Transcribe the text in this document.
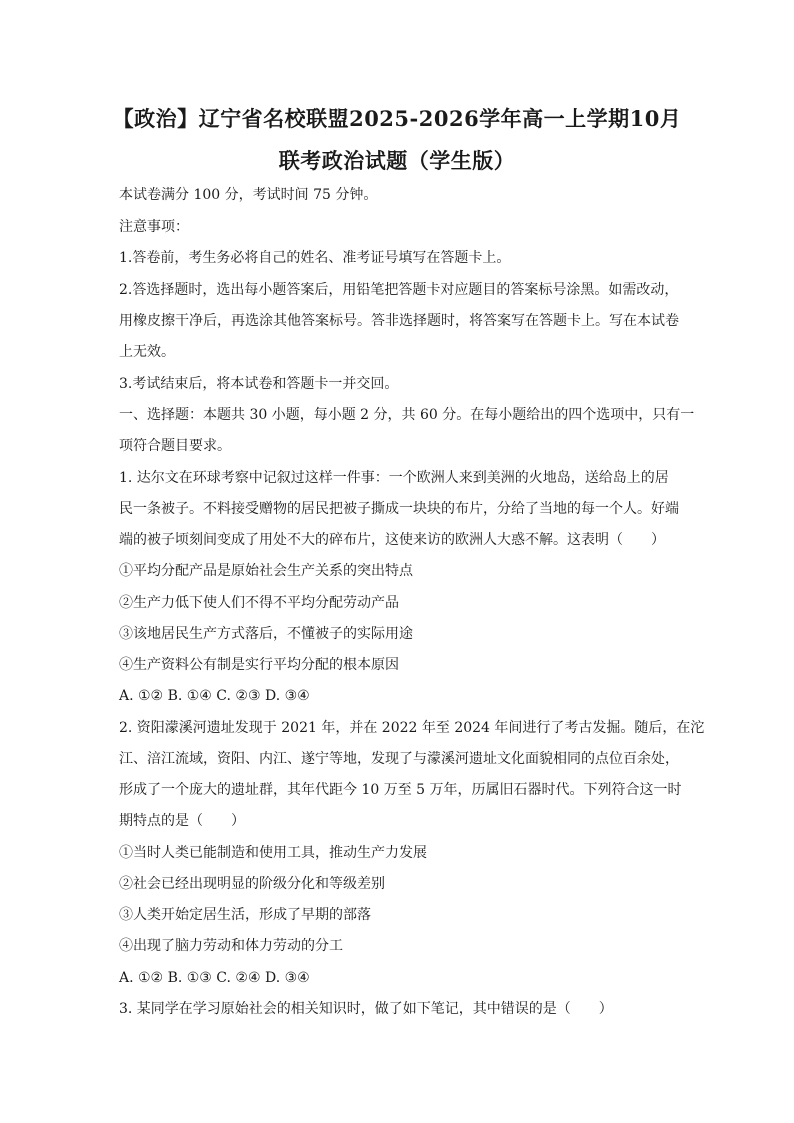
【政治】辽宁省名校联盟2025-2026学年高一上学期10月
联考政治试题（学生版）
本试卷满分 100 分，考试时间 75 分钟。
注意事项：
1.答卷前，考生务必将自己的姓名、准考证号填写在答题卡上。
2.答选择题时，选出每小题答案后，用铅笔把答题卡对应题目的答案标号涂黑。如需改动，
用橡皮擦干净后，再选涂其他答案标号。答非选择题时，将答案写在答题卡上。写在本试卷
上无效。
3.考试结束后，将本试卷和答题卡一并交回。
一、选择题：本题共 30 小题，每小题 2 分，共 60 分。在每小题给出的四个选项中，只有一
项符合题目要求。
1. 达尔文在环球考察中记叙过这样一件事：一个欧洲人来到美洲的火地岛，送给岛上的居
民一条被子。不料接受赠物的居民把被子撕成一块块的布片，分给了当地的每一个人。好端
端的被子顷刻间变成了用处不大的碎布片，这使来访的欧洲人大惑不解。这表明（　　）
①平均分配产品是原始社会生产关系的突出特点
②生产力低下使人们不得不平均分配劳动产品
③该地居民生产方式落后，不懂被子的实际用途
④生产资料公有制是实行平均分配的根本原因
A. ①② B. ①④ C. ②③ D. ③④
2. 资阳濛溪河遗址发现于 2021 年，并在 2022 年至 2024 年间进行了考古发掘。随后，在沱
江、涪江流域，资阳、内江、遂宁等地，发现了与濛溪河遗址文化面貌相同的点位百余处，
形成了一个庞大的遗址群，其年代距今 10 万至 5 万年，历属旧石器时代。下列符合这一时
期特点的是（　　）
①当时人类已能制造和使用工具，推动生产力发展
②社会已经出现明显的阶级分化和等级差别
③人类开始定居生活，形成了早期的部落
④出现了脑力劳动和体力劳动的分工
A. ①② B. ①③ C. ②④ D. ③④
3. 某同学在学习原始社会的相关知识时，做了如下笔记，其中错误的是（　　）
